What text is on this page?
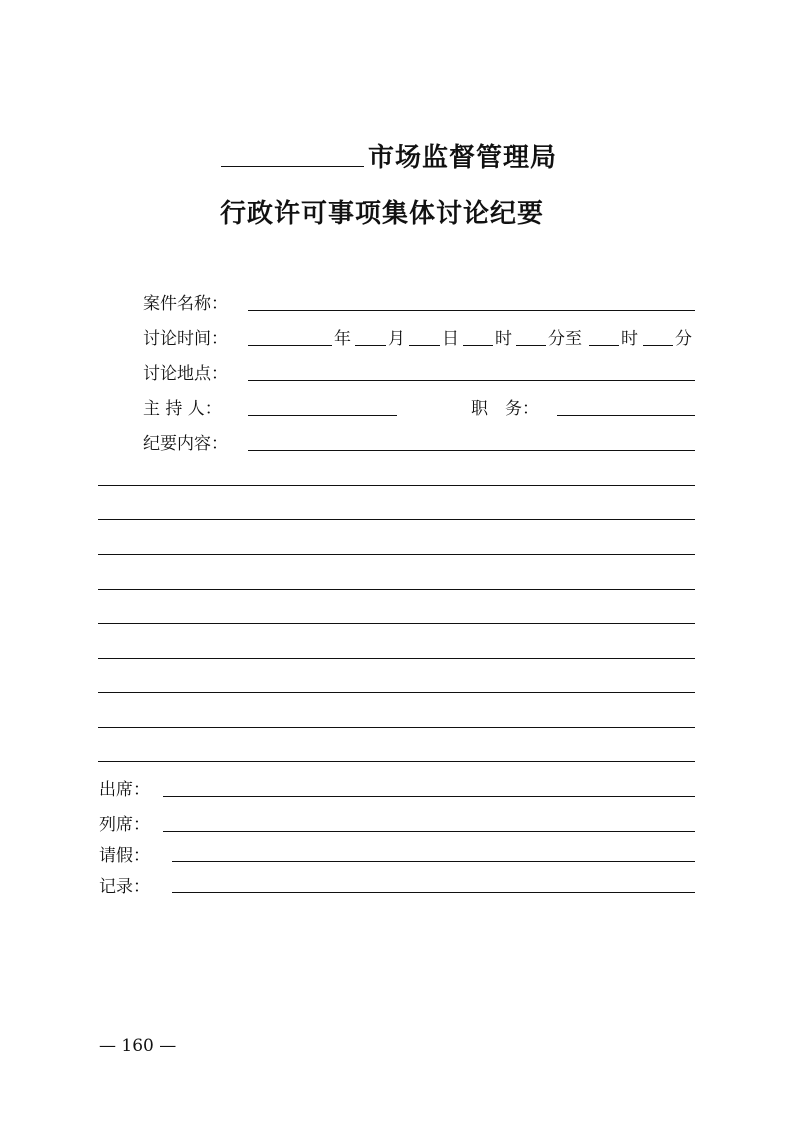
市场监督管理局
行政许可事项集体讨论纪要
案件名称：
讨论时间：	年 月 日 时 分至 时 分
讨论地点：
主 持 人：	职　务：
纪要内容：
出席：
列席：
请假：
记录：
— 160 —
